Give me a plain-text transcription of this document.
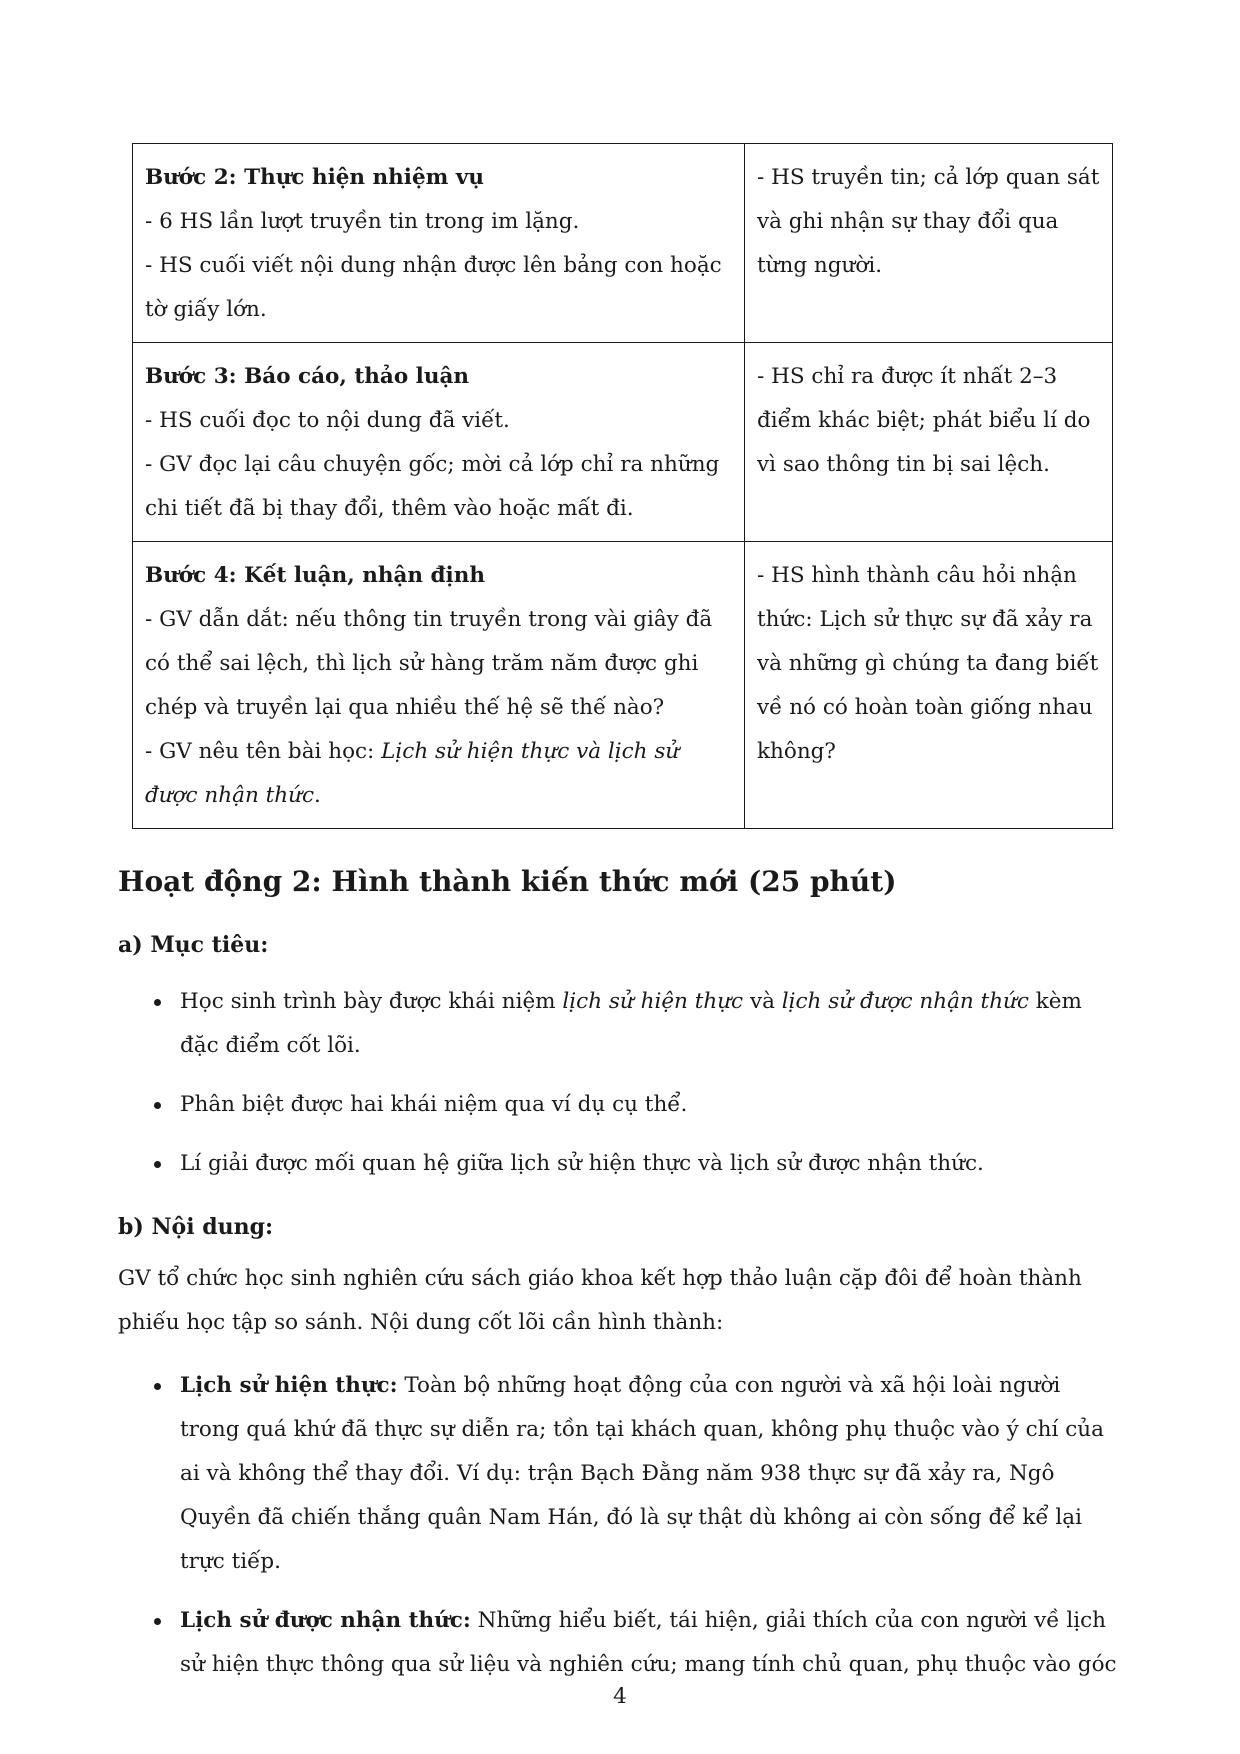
Bước 2: Thực hiện nhiệm vụ
- 6 HS lần lượt truyền tin trong im lặng.
- HS cuối viết nội dung nhận được lên bảng con hoặc tờ giấy lớn.	- HS truyền tin; cả lớp quan sát và ghi nhận sự thay đổi qua từng người.

Bước 3: Báo cáo, thảo luận
- HS cuối đọc to nội dung đã viết.
- GV đọc lại câu chuyện gốc; mời cả lớp chỉ ra những chi tiết đã bị thay đổi, thêm vào hoặc mất đi.	- HS chỉ ra được ít nhất 2–3 điểm khác biệt; phát biểu lí do vì sao thông tin bị sai lệch.

Bước 4: Kết luận, nhận định
- GV dẫn dắt: nếu thông tin truyền trong vài giây đã có thể sai lệch, thì lịch sử hàng trăm năm được ghi chép và truyền lại qua nhiều thế hệ sẽ thế nào?
- GV nêu tên bài học: Lịch sử hiện thực và lịch sử được nhận thức.	- HS hình thành câu hỏi nhận thức: Lịch sử thực sự đã xảy ra và những gì chúng ta đang biết về nó có hoàn toàn giống nhau không?
Hoạt động 2: Hình thành kiến thức mới (25 phút)
a) Mục tiêu:
Học sinh trình bày được khái niệm lịch sử hiện thực và lịch sử được nhận thức kèm đặc điểm cốt lõi.
Phân biệt được hai khái niệm qua ví dụ cụ thể.
Lí giải được mối quan hệ giữa lịch sử hiện thực và lịch sử được nhận thức.
b) Nội dung:

GV tổ chức học sinh nghiên cứu sách giáo khoa kết hợp thảo luận cặp đôi để hoàn thành phiếu học tập so sánh. Nội dung cốt lõi cần hình thành:

Lịch sử hiện thực: Toàn bộ những hoạt động của con người và xã hội loài người trong quá khứ đã thực sự diễn ra; tồn tại khách quan, không phụ thuộc vào ý chí của ai và không thể thay đổi. Ví dụ: trận Bạch Đằng năm 938 thực sự đã xảy ra, Ngô Quyền đã chiến thắng quân Nam Hán, đó là sự thật dù không ai còn sống để kể lại trực tiếp.
Lịch sử được nhận thức: Những hiểu biết, tái hiện, giải thích của con người về lịch sử hiện thực thông qua sử liệu và nghiên cứu; mang tính chủ quan, phụ thuộc vào góc
4
